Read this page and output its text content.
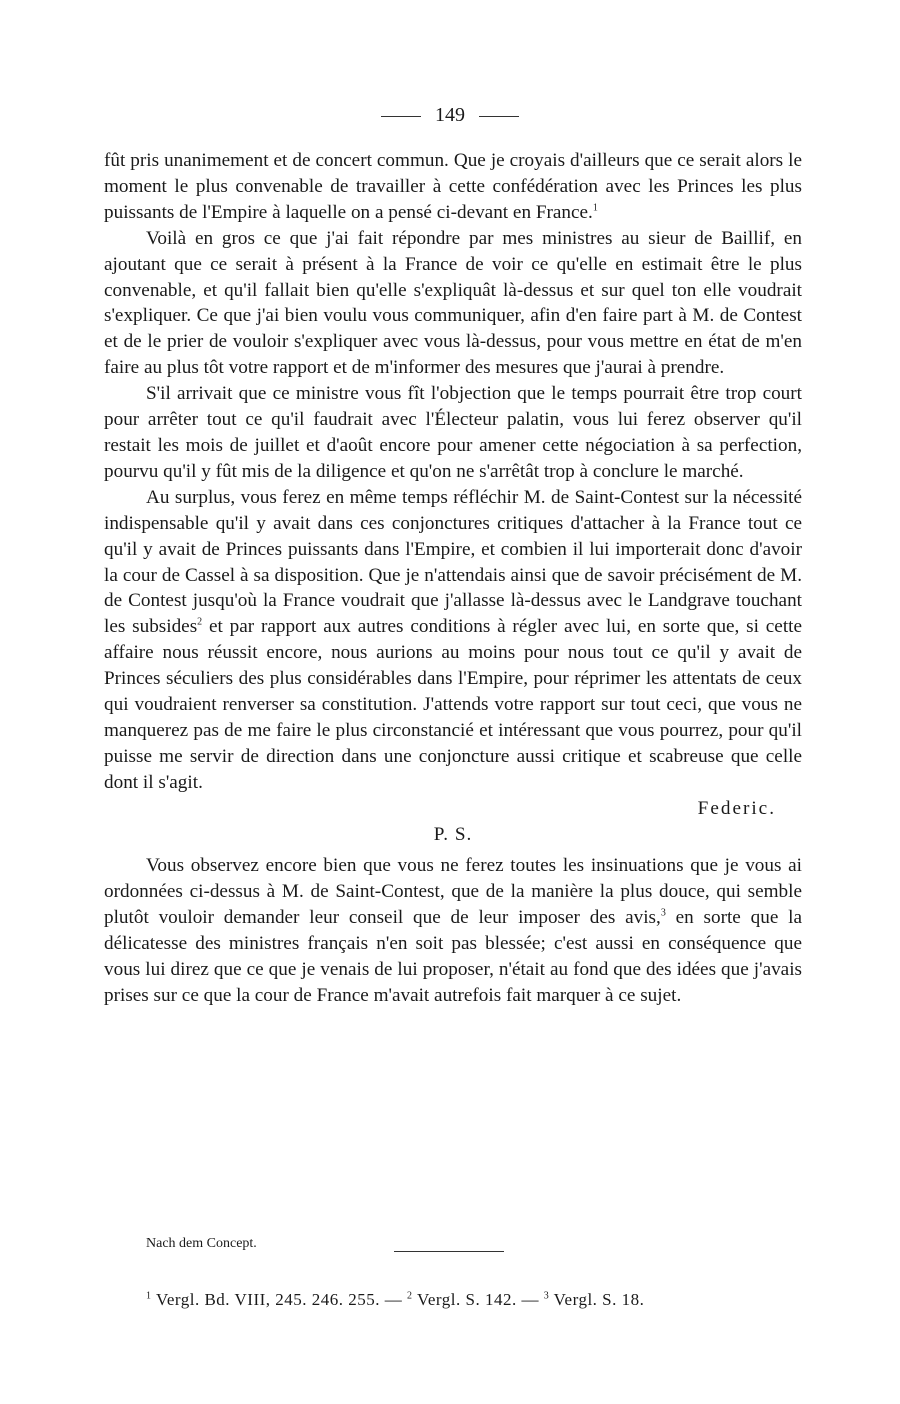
149

fût pris unanimement et de concert commun. Que je croyais d'ailleurs que ce serait alors le moment le plus convenable de travailler à cette confédération avec les Princes les plus puissants de l'Empire à laquelle on a pensé ci-devant en France.$^1$

Voilà en gros ce que j'ai fait répondre par mes ministres au sieur de Baillif, en ajoutant que ce serait à présent à la France de voir ce qu'elle en estimait être le plus convenable, et qu'il fallait bien qu'elle s'expliquât là-dessus et sur quel ton elle voudrait s'expliquer. Ce que j'ai bien voulu vous communiquer, afin d'en faire part à M. de Contest et de le prier de vouloir s'expliquer avec vous là-dessus, pour vous mettre en état de m'en faire au plus tôt votre rapport et de m'informer des mesures que j'aurai à prendre.

S'il arrivait que ce ministre vous fît l'objection que le temps pourrait être trop court pour arrêter tout ce qu'il faudrait avec l'Électeur palatin, vous lui ferez observer qu'il restait les mois de juillet et d'août encore pour amener cette négociation à sa perfection, pourvu qu'il y fût mis de la diligence et qu'on ne s'arrêtât trop à conclure le marché.

Au surplus, vous ferez en même temps réfléchir M. de Saint-Contest sur la nécessité indispensable qu'il y avait dans ces conjonctures critiques d'attacher à la France tout ce qu'il y avait de Princes puissants dans l'Empire, et combien il lui importerait donc d'avoir la cour de Cassel à sa disposition. Que je n'attendais ainsi que de savoir précisément de M. de Contest jusqu'où la France voudrait que j'allasse là-dessus avec le Landgrave touchant les subsides$^2$ et par rapport aux autres conditions à régler avec lui, en sorte que, si cette affaire nous réussit encore, nous aurions au moins pour nous tout ce qu'il y avait de Princes séculiers des plus considérables dans l'Empire, pour réprimer les attentats de ceux qui voudraient renverser sa constitution. J'attends votre rapport sur tout ceci, que vous ne manquerez pas de me faire le plus circonstancié et intéressant que vous pourrez, pour qu'il puisse me servir de direction dans une conjoncture aussi critique et scabreuse que celle dont il s'agit.

Federic.

P. S.

Vous observez encore bien que vous ne ferez toutes les insinuations que je vous ai ordonnées ci-dessus à M. de Saint-Contest, que de la manière la plus douce, qui semble plutôt vouloir demander leur conseil que de leur imposer des avis,$^3$ en sorte que la délicatesse des ministres français n'en soit pas blessée; c'est aussi en conséquence que vous lui direz que ce que je venais de lui proposer, n'était au fond que des idées que j'avais prises sur ce que la cour de France m'avait autrefois fait marquer à ce sujet.

Nach dem Concept.
$^1$ Vergl. Bd. VIII, 245. 246. 255. — $^2$ Vergl. S. 142. — $^3$ Vergl. S. 18.
